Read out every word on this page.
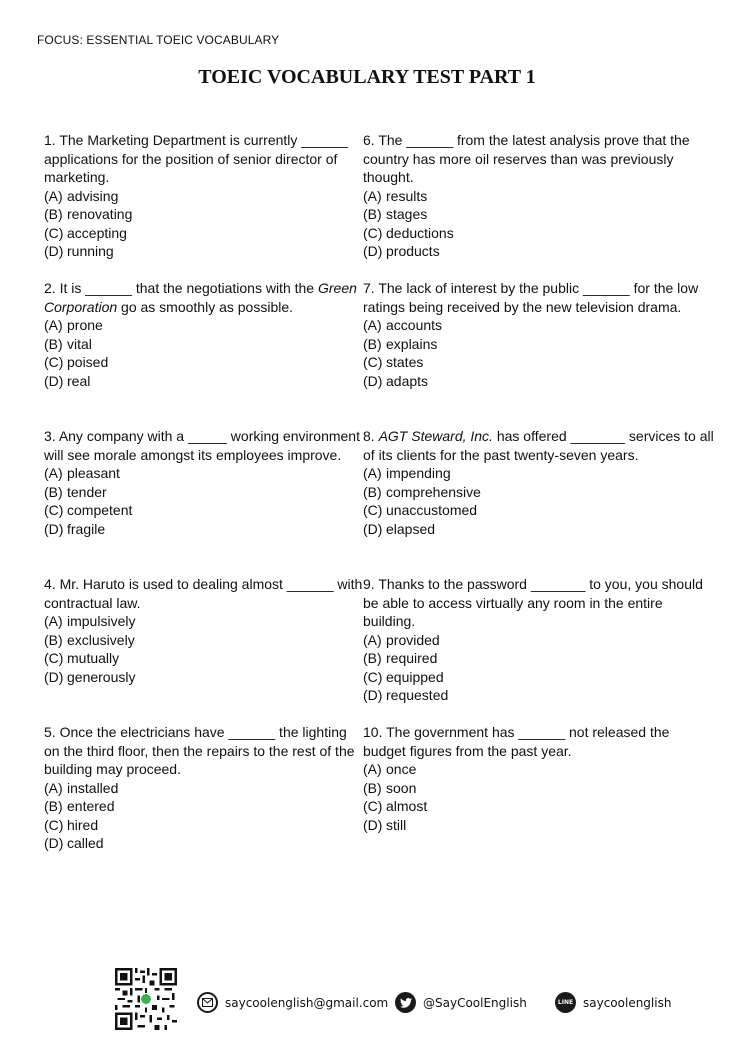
FOCUS: ESSENTIAL TOEIC VOCABULARY
TOEIC VOCABULARY TEST PART 1

1. The Marketing Department is currently ______ applications for the position of senior director of marketing.

(A) advising

(B) renovating

(C) accepting

(D) running

6. The ______ from the latest analysis prove that the country has more oil reserves than was previously thought.

(A) results

(B) stages

(C) deductions

(D) products

2. It is ______ that the negotiations with the Green Corporation go as smoothly as possible.

(A) prone

(B) vital

(C) poised

(D) real

7. The lack of interest by the public ______ for the low ratings being received by the new television drama.

(A) accounts

(B) explains

(C) states

(D) adapts

3. Any company with a _____ working environment will see morale amongst its employees improve.

(A) pleasant

(B) tender

(C) competent

(D) fragile

8. AGT Steward, Inc. has offered _______ services to all of its clients for the past twenty-seven years.

(A) impending

(B) comprehensive

(C) unaccustomed

(D) elapsed

4. Mr. Haruto is used to dealing almost ______ with contractual law.

(A) impulsively

(B) exclusively

(C) mutually

(D) generously

9. Thanks to the password _______ to you, you should be able to access virtually any room in the entire building.

(A) provided

(B) required

(C) equipped

(D) requested

5. Once the electricians have ______ the lighting on the third floor, then the repairs to the rest of the building may proceed.

(A) installed

(B) entered

(C) hired

(D) called

10. The government has ______ not released the budget figures from the past year.

(A) once

(B) soon

(C) almost

(D) still

saycoolenglish@gmail.com	@SayCoolEnglish	LINE saycoolenglish
